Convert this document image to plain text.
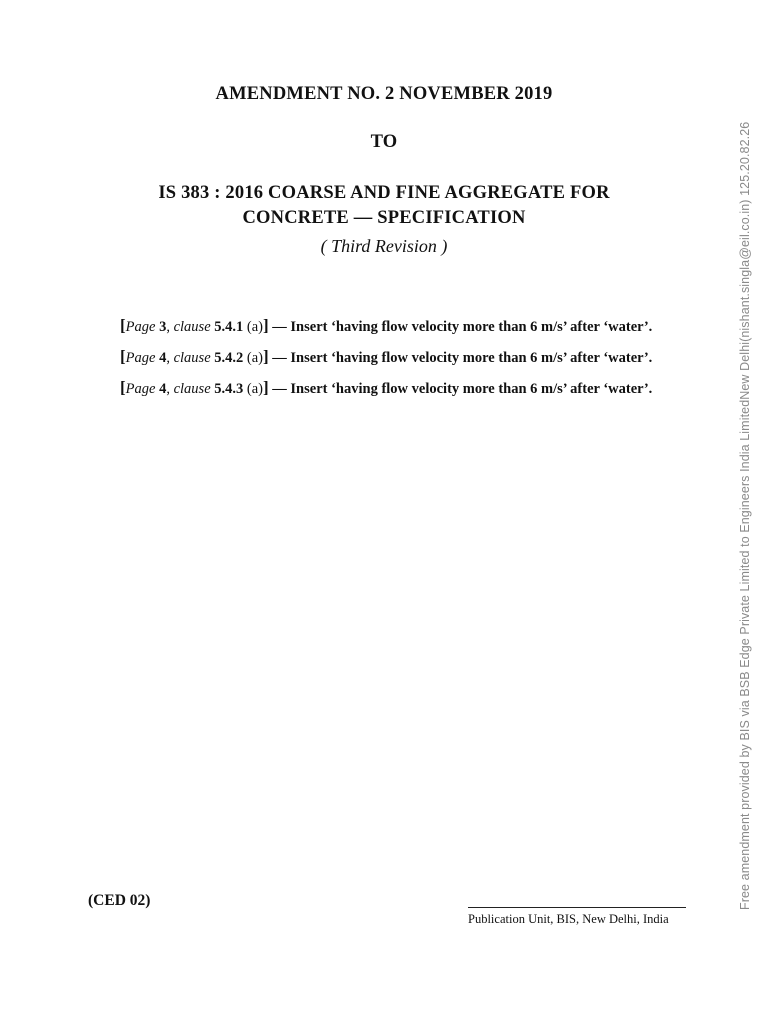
AMENDMENT NO. 2 NOVEMBER 2019
TO
IS 383 : 2016 COARSE AND FINE AGGREGATE FOR
CONCRETE — SPECIFICATION
( Third Revision )

[Page 3, clause 5.4.1 (a)] — Insert ‘having flow velocity more than 6 m/s’ after ‘water’.

[Page 4, clause 5.4.2 (a)] — Insert ‘having flow velocity more than 6 m/s’ after ‘water’.

[Page 4, clause 5.4.3 (a)] — Insert ‘having flow velocity more than 6 m/s’ after ‘water’.

(CED 02)
Publication Unit, BIS, New Delhi, India
Free amendment provided by BIS via BSB Edge Private Limited to Engineers India LimitedNew Delhi(nishant.singla@eil.co.in) 125.20.82.26
